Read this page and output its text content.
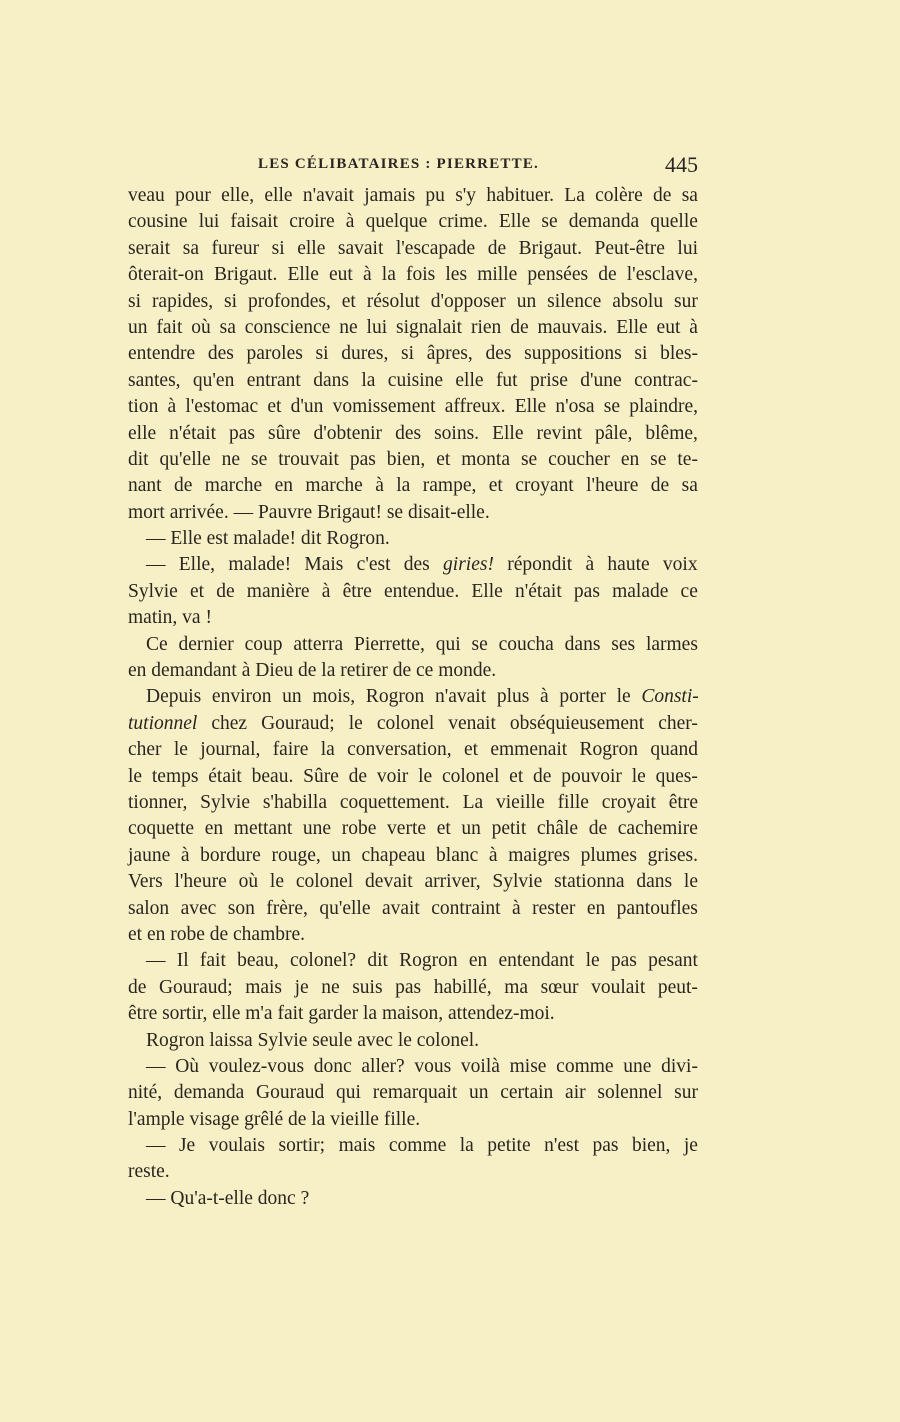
LES CÉLIBATAIRES : PIERRETTE.	445
veau pour elle, elle n'avait jamais pu s'y habituer. La colère de sa
cousine lui faisait croire à quelque crime. Elle se demanda quelle
serait sa fureur si elle savait l'escapade de Brigaut. Peut-être lui
ôterait-on Brigaut. Elle eut à la fois les mille pensées de l'esclave,
si rapides, si profondes, et résolut d'opposer un silence absolu sur
un fait où sa conscience ne lui signalait rien de mauvais. Elle eut à
entendre des paroles si dures, si âpres, des suppositions si bles-
santes, qu'en entrant dans la cuisine elle fut prise d'une contrac-
tion à l'estomac et d'un vomissement affreux. Elle n'osa se plaindre,
elle n'était pas sûre d'obtenir des soins. Elle revint pâle, blême,
dit qu'elle ne se trouvait pas bien, et monta se coucher en se te-
nant de marche en marche à la rampe, et croyant l'heure de sa
mort arrivée. — Pauvre Brigaut! se disait-elle.
— Elle est malade! dit Rogron.
— Elle, malade! Mais c'est des giries! répondit à haute voix
Sylvie et de manière à être entendue. Elle n'était pas malade ce
matin, va !
Ce dernier coup atterra Pierrette, qui se coucha dans ses larmes
en demandant à Dieu de la retirer de ce monde.
Depuis environ un mois, Rogron n'avait plus à porter le Consti-
tutionnel chez Gouraud; le colonel venait obséquieusement cher-
cher le journal, faire la conversation, et emmenait Rogron quand
le temps était beau. Sûre de voir le colonel et de pouvoir le ques-
tionner, Sylvie s'habilla coquettement. La vieille fille croyait être
coquette en mettant une robe verte et un petit châle de cachemire
jaune à bordure rouge, un chapeau blanc à maigres plumes grises.
Vers l'heure où le colonel devait arriver, Sylvie stationna dans le
salon avec son frère, qu'elle avait contraint à rester en pantoufles
et en robe de chambre.
— Il fait beau, colonel? dit Rogron en entendant le pas pesant
de Gouraud; mais je ne suis pas habillé, ma sœur voulait peut-
être sortir, elle m'a fait garder la maison, attendez-moi.
Rogron laissa Sylvie seule avec le colonel.
— Où voulez-vous donc aller? vous voilà mise comme une divi-
nité, demanda Gouraud qui remarquait un certain air solennel sur
l'ample visage grêlé de la vieille fille.
— Je voulais sortir; mais comme la petite n'est pas bien, je
reste.
— Qu'a-t-elle donc ?
